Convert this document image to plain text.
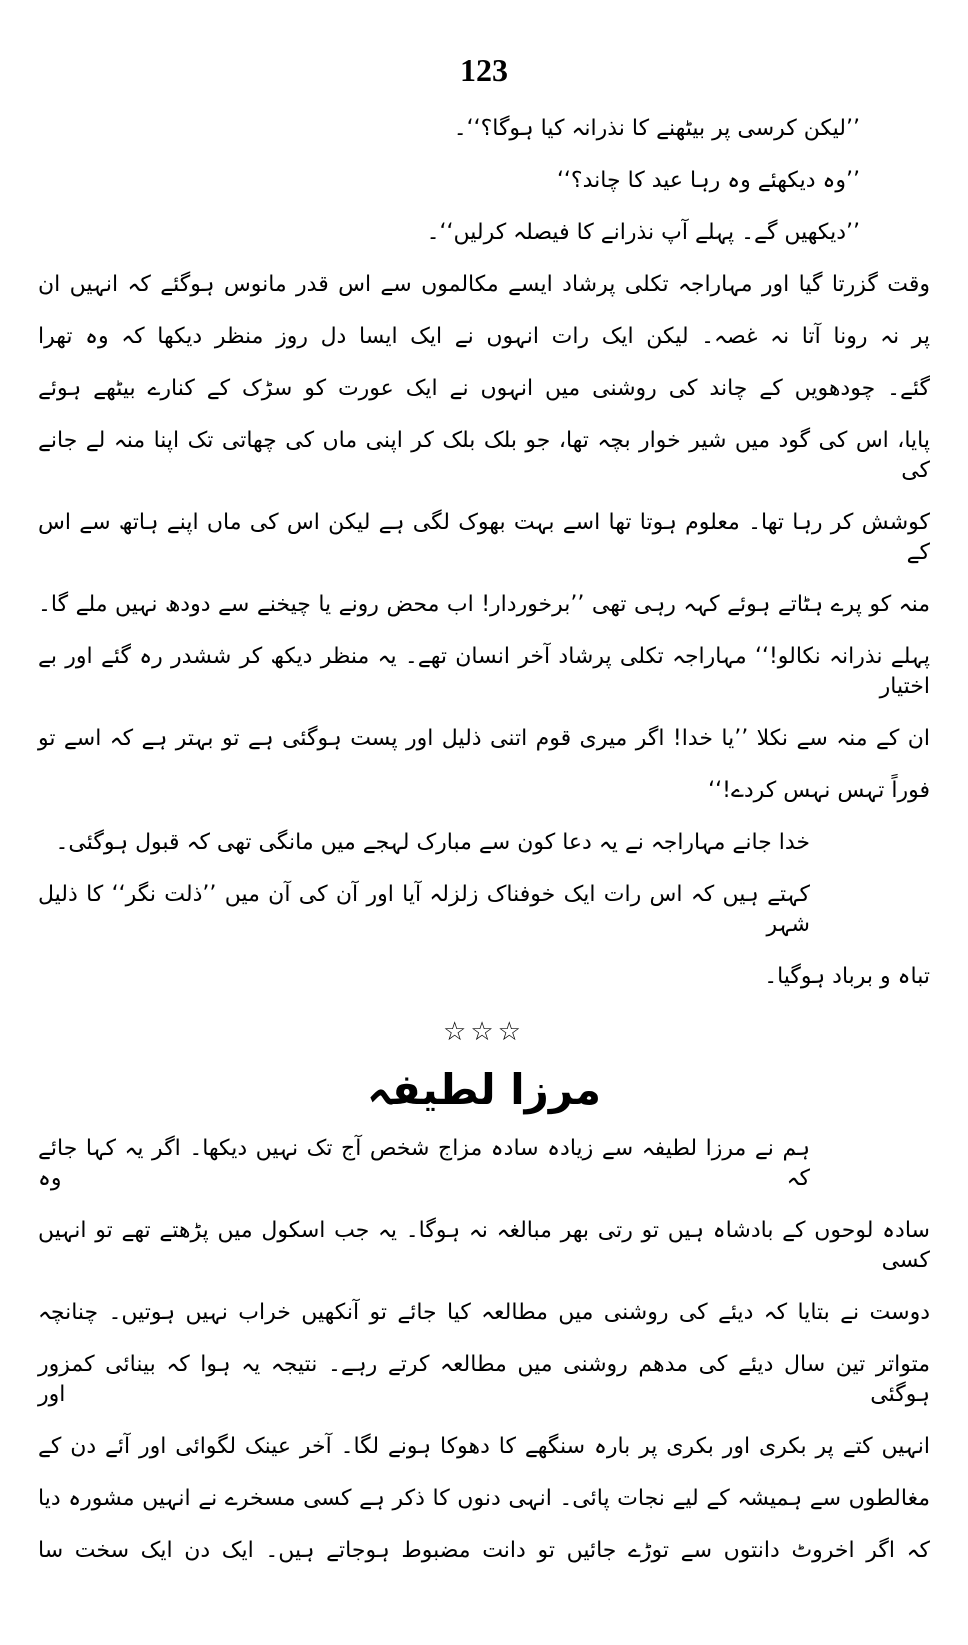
123
’’لیکن کرسی پر بیٹھنے کا نذرانہ کیا ہوگا؟‘‘۔
’’وہ دیکھئے وہ رہا عید کا چاند؟‘‘
’’دیکھیں گے۔ پہلے آپ نذرانے کا فیصلہ کرلیں‘‘۔
وقت گزرتا گیا اور مہاراجہ تکلی پرشاد ایسے مکالموں سے اس قدر مانوس ہوگئے کہ انہیں ان
پر نہ رونا آتا نہ غصہ۔ لیکن ایک رات انہوں نے ایک ایسا دل روز منظر دیکھا کہ وہ تھرا
گئے۔ چودھویں کے چاند کی روشنی میں انہوں نے ایک عورت کو سڑک کے کنارے بیٹھے ہوئے
پایا، اس کی گود میں شیر خوار بچہ تھا، جو بلک بلک کر اپنی ماں کی چھاتی تک اپنا منہ لے جانے کی
کوشش کر رہا تھا۔ معلوم ہوتا تھا اسے بہت بھوک لگی ہے لیکن اس کی ماں اپنے ہاتھ سے اس کے
منہ کو پرے ہٹاتے ہوئے کہہ رہی تھی ’’برخوردار! اب محض رونے یا چیخنے سے دودھ نہیں ملے گا۔
پہلے نذرانہ نکالو!‘‘ مہاراجہ تکلی پرشاد آخر انسان تھے۔ یہ منظر دیکھ کر ششدر رہ گئے اور بے اختیار
ان کے منہ سے نکلا ’’یا خدا! اگر میری قوم اتنی ذلیل اور پست ہوگئی ہے تو بہتر ہے کہ اسے تو
فوراً تہس نہس کردے!‘‘
خدا جانے مہاراجہ نے یہ دعا کون سے مبارک لہجے میں مانگی تھی کہ قبول ہوگئی۔
کہتے ہیں کہ اس رات ایک خوفناک زلزلہ آیا اور آن کی آن میں ’’ذلت نگر‘‘ کا ذلیل شہر
تباہ و برباد ہوگیا۔
☆☆☆
مرزا لطیفہ
ہم نے مرزا لطیفہ سے زیادہ سادہ مزاج شخص آج تک نہیں دیکھا۔ اگر یہ کہا جائے کہ وہ
سادہ لوحوں کے بادشاہ ہیں تو رتی بھر مبالغہ نہ ہوگا۔ یہ جب اسکول میں پڑھتے تھے تو انہیں کسی
دوست نے بتایا کہ دیئے کی روشنی میں مطالعہ کیا جائے تو آنکھیں خراب نہیں ہوتیں۔ چنانچہ
متواتر تین سال دیئے کی مدھم روشنی میں مطالعہ کرتے رہے۔ نتیجہ یہ ہوا کہ بینائی کمزور ہوگئی اور
انہیں کتے پر بکری اور بکری پر بارہ سنگھے کا دھوکا ہونے لگا۔ آخر عینک لگوائی اور آئے دن کے
مغالطوں سے ہمیشہ کے لیے نجات پائی۔ انہی دنوں کا ذکر ہے کسی مسخرے نے انہیں مشورہ دیا
کہ اگر اخروٹ دانتوں سے توڑے جائیں تو دانت مضبوط ہوجاتے ہیں۔ ایک دن ایک سخت سا
